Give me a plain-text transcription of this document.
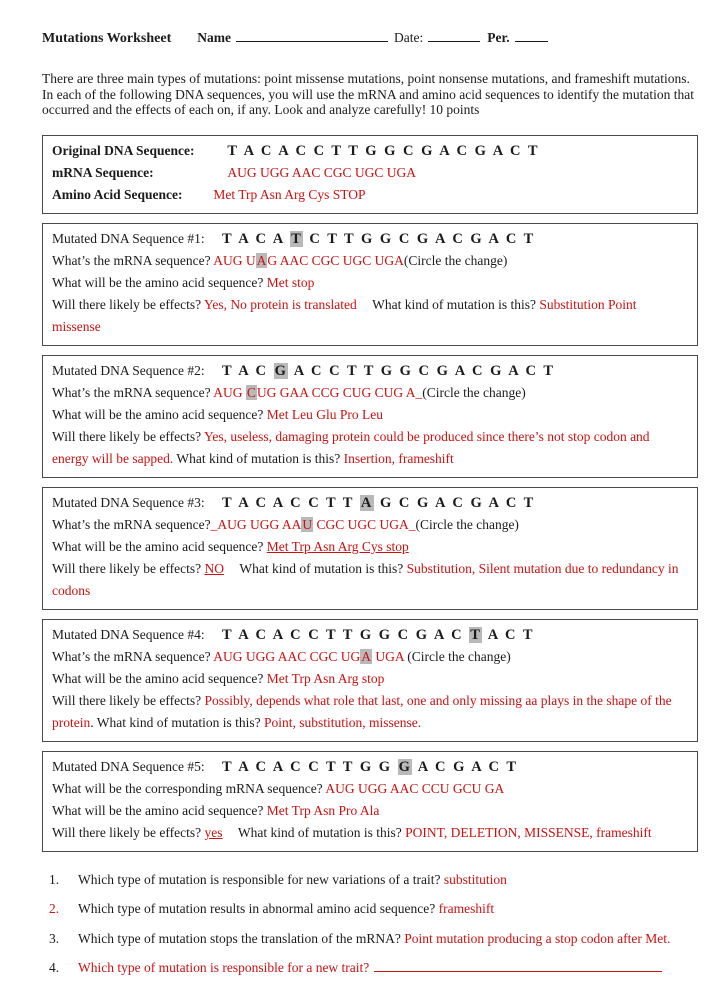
Mutations Worksheet Name	Date:	Per.

There are three main types of mutations: point missense mutations, point nonsense mutations, and frameshift mutations. In each of the following DNA sequences, you will use the mRNA and amino acid sequences to identify the mutation that occurred and the effects of each on, if any. Look and analyze carefully! 10 points

Original DNA Sequence: T A C A C C T T G G C G A C G A C T
mRNA Sequence:	AUG UGG AAC CGC UGC UGA
Amino Acid Sequence: Met Trp Asn Arg Cys STOP
Mutated DNA Sequence #1: T A C A T C T T G G C G A C G A C T
What’s the mRNA sequence? AUG UAG AAC CGC UGC UGA(Circle the change)
What will be the amino acid sequence? Met stop
Will there likely be effects? Yes, No protein is translated What kind of mutation is this? Substitution Point missense
Mutated DNA Sequence #2: T A C G A C C T T G G C G A C G A C T
What’s the mRNA sequence? AUG CUG GAA CCG CUG CUG A_(Circle the change)
What will be the amino acid sequence? Met Leu Glu Pro Leu
Will there likely be effects? Yes, useless, damaging protein could be produced since there’s not stop codon and energy will be sapped. What kind of mutation is this? Insertion, frameshift
Mutated DNA Sequence #3: T A C A C C T T A G C G A C G A C T
What’s the mRNA sequence?_AUG UGG AAU CGC UGC UGA_(Circle the change)
What will be the amino acid sequence? Met Trp Asn Arg Cys stop
Will there likely be effects? NO What kind of mutation is this? Substitution, Silent mutation due to redundancy in codons
Mutated DNA Sequence #4: T A C A C C T T G G C G A C T A C T
What’s the mRNA sequence? AUG UGG AAC CGC UGA UGA (Circle the change)
What will be the amino acid sequence? Met Trp Asn Arg stop
Will there likely be effects? Possibly, depends what role that last, one and only missing aa plays in the shape of the protein. What kind of mutation is this? Point, substitution, missense.
Mutated DNA Sequence #5: T A C A C C T T G G G A C G A C T
What will be the corresponding mRNA sequence? AUG UGG AAC CCU GCU GA
What will be the amino acid sequence? Met Trp Asn Pro Ala
Will there likely be effects? yes What kind of mutation is this? POINT, DELETION, MISSENSE, frameshift
1.	Which type of mutation is responsible for new variations of a trait? substitution
2.	Which type of mutation results in abnormal amino acid sequence? frameshift
3.	Which type of mutation stops the translation of the mRNA? Point mutation producing a stop codon after Met.
4.	Which type of mutation is responsible for a new trait?
